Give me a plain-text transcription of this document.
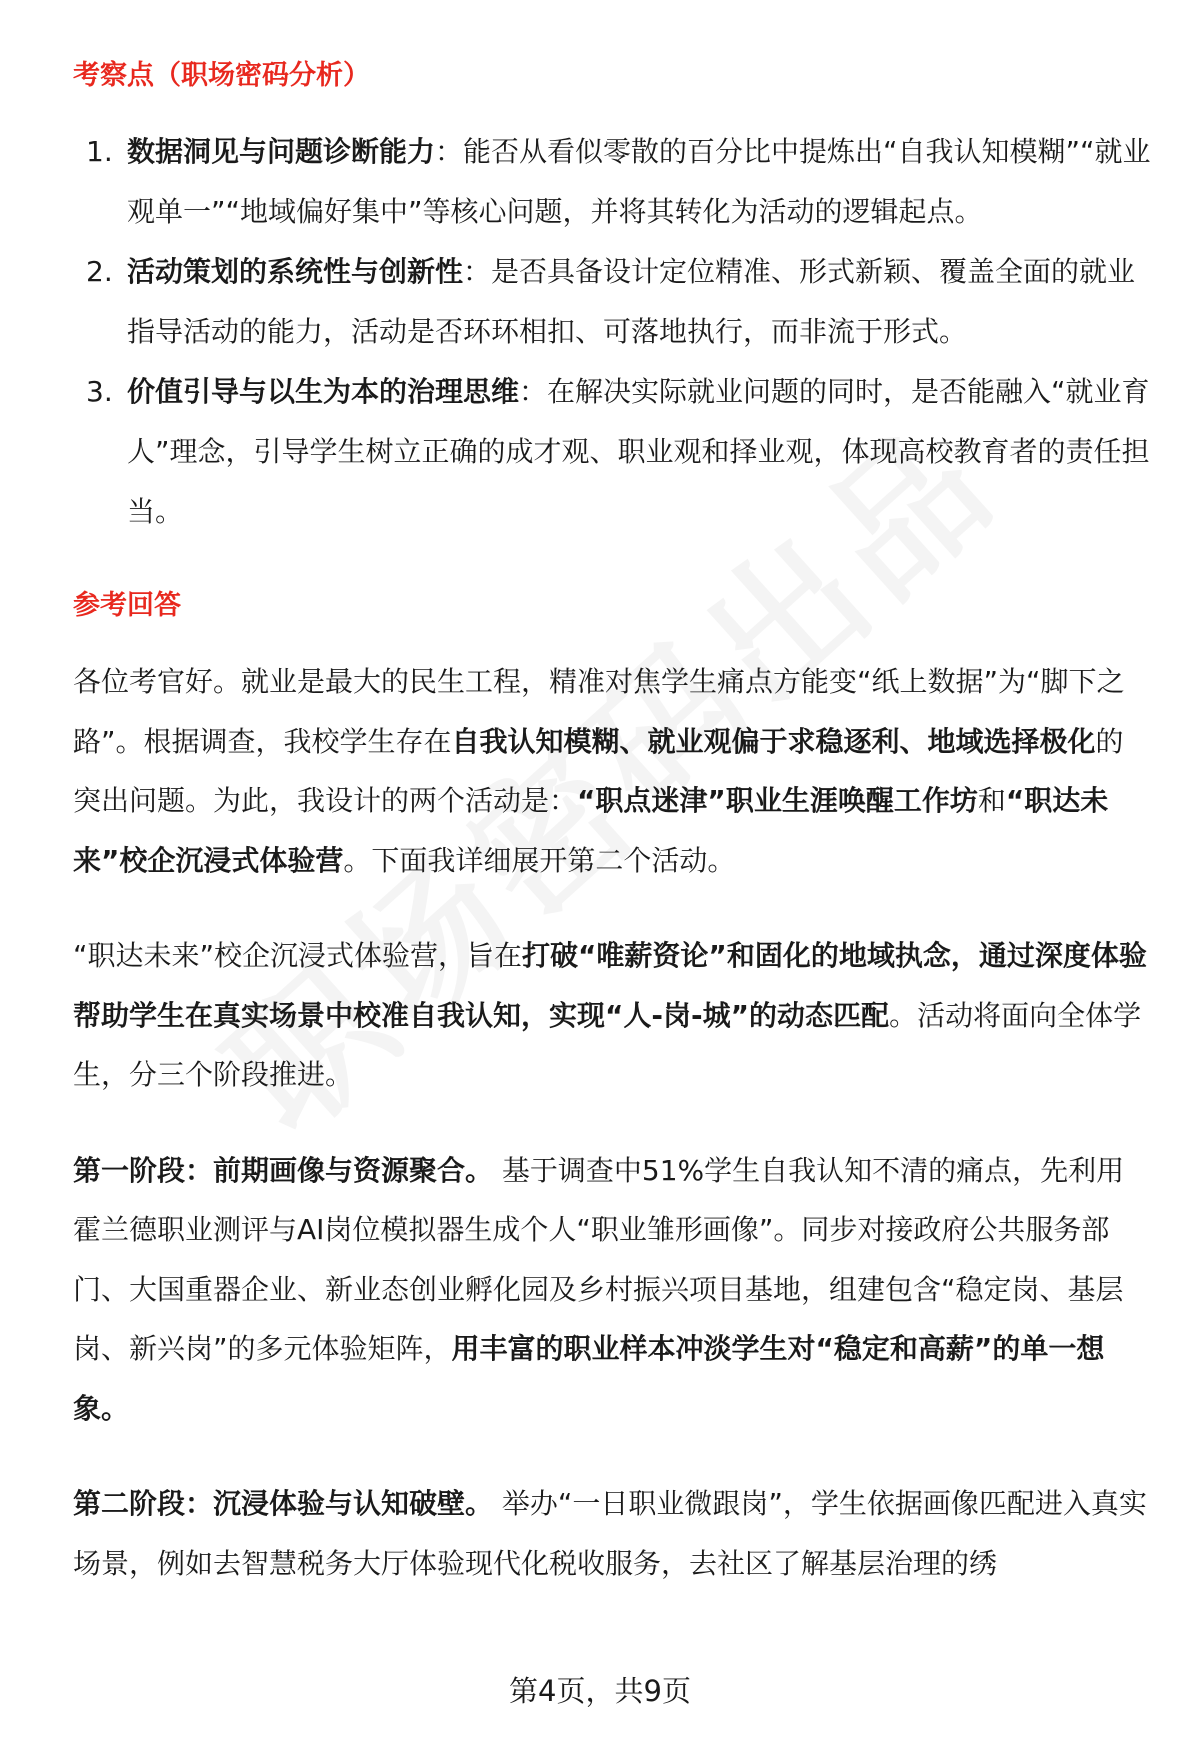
考察点（职场密码分析）
1. 数据洞见与问题诊断能力：能否从看似零散的百分比中提炼出“自我认知模糊”“就业观单一”“地域偏好集中”等核心问题，并将其转化为活动的逻辑起点。
2. 活动策划的系统性与创新性：是否具备设计定位精准、形式新颖、覆盖全面的就业指导活动的能力，活动是否环环相扣、可落地执行，而非流于形式。
3. 价值引导与以生为本的治理思维：在解决实际就业问题的同时，是否能融入“就业育人”理念，引导学生树立正确的成才观、职业观和择业观，体现高校教育者的责任担当。
参考回答

各位考官好。就业是最大的民生工程，精准对焦学生痛点方能变“纸上数据”为“脚下之路”。根据调查，我校学生存在自我认知模糊、就业观偏于求稳逐利、地域选择极化的突出问题。为此，我设计的两个活动是：“职点迷津”职业生涯唤醒工作坊和“职达未来”校企沉浸式体验营。下面我详细展开第二个活动。

“职达未来”校企沉浸式体验营，旨在打破“唯薪资论”和固化的地域执念，通过深度体验帮助学生在真实场景中校准自我认知，实现“人-岗-城”的动态匹配。活动将面向全体学生，分三个阶段推进。

第一阶段：前期画像与资源聚合。 基于调查中51%学生自我认知不清的痛点，先利用霍兰德职业测评与AI岗位模拟器生成个人“职业雏形画像”。同步对接政府公共服务部门、大国重器企业、新业态创业孵化园及乡村振兴项目基地，组建包含“稳定岗、基层岗、新兴岗”的多元体验矩阵，用丰富的职业样本冲淡学生对“稳定和高薪”的单一想象。

第二阶段：沉浸体验与认知破壁。 举办“一日职业微跟岗”，学生依据画像匹配进入真实场景，例如去智慧税务大厅体验现代化税收服务，去社区了解基层治理的绣

第4页，共9页
